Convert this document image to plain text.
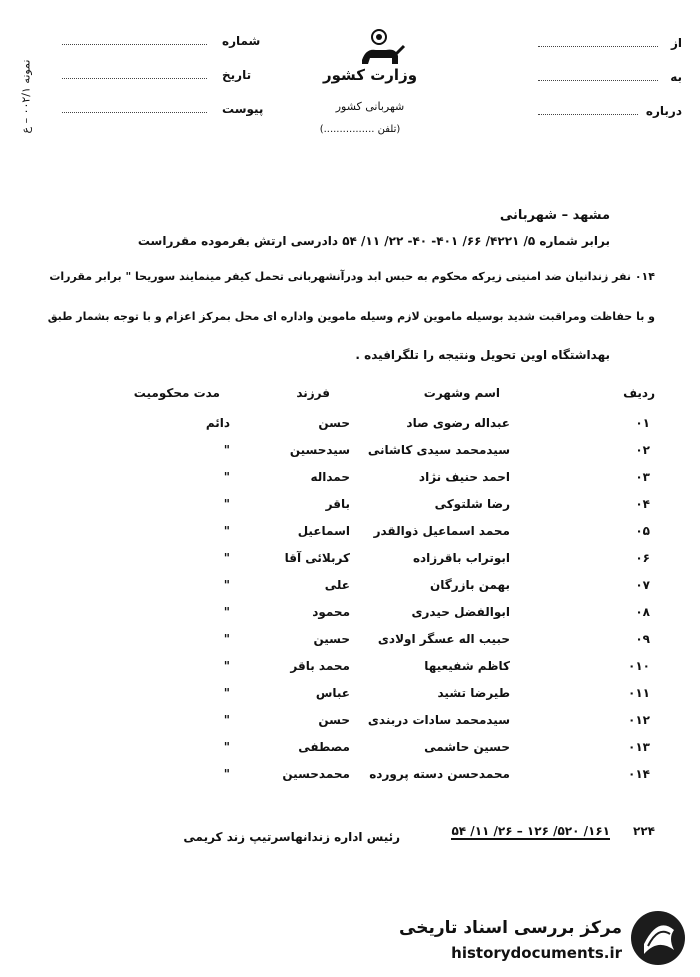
نمونه ۰۰۲/۱ – ع
از
به
درباره
شماره
تاریخ
پیوست
وزارت کشور
شهربانی کشور
(تلفن ................)
مشهد – شهربانی
برابر شماره ۵/ ۴۲۲۱/ ۶۶/ ۴۰۱- ۴۰- ۲۲/ ۱۱/ ۵۴ دادرسی ارتش بفرموده مقرراست
۰۱۴ نفر زندانیان ضد امنیتی زیرکه محکوم به حبس ابد ودرآنشهربانی تحمل کیفر مینمایند سوریحا " برابر مقررات
و با حفاظت ومراقبت شدید بوسیله ماموین لازم وسیله ماموین واداره ای محل بمرکز اعزام و با توجه بشمار طبق
بهداشتگاه اوین تحویل ونتیجه را تلگرافیده .
ردیف
اسم وشهرت
فرزند
مدت محکومیت
۰۱
عبداله رضوی صاد
حسن
دائم
۰۲
سیدمحمد سیدی کاشانی
سیدحسین
"
۰۳
احمد حنیف نژاد
حمداله
"
۰۴
رضا شلتوکی
باقر
"
۰۵
محمد اسماعیل ذوالقدر
اسماعیل
"
۰۶
ابوتراب باقرزاده
کربلائی آقا
"
۰۷
بهمن بازرگان
علی
"
۰۸
ابوالفضل حیدری
محمود
"
۰۹
حبیب اله عسگر اولادی
حسین
"
۰۱۰
کاظم شفیعیها
محمد باقر
"
۰۱۱
طیرضا تشید
عباس
"
۰۱۲
سیدمحمد سادات دربندی
حسن
"
۰۱۳
حسین حاشمی
مصطفی
"
۰۱۴
محمدحسن دسته پرورده
محمدحسین
"
۲۲۴
۱۶۱/ ۵۲۰/ ۱۲۶ – ۲۶/ ۱۱/ ۵۴
رئیس اداره زندانهاسرتیپ زند کریمی
مرکز بررسی اسناد تاریخی
historydocuments.ir
